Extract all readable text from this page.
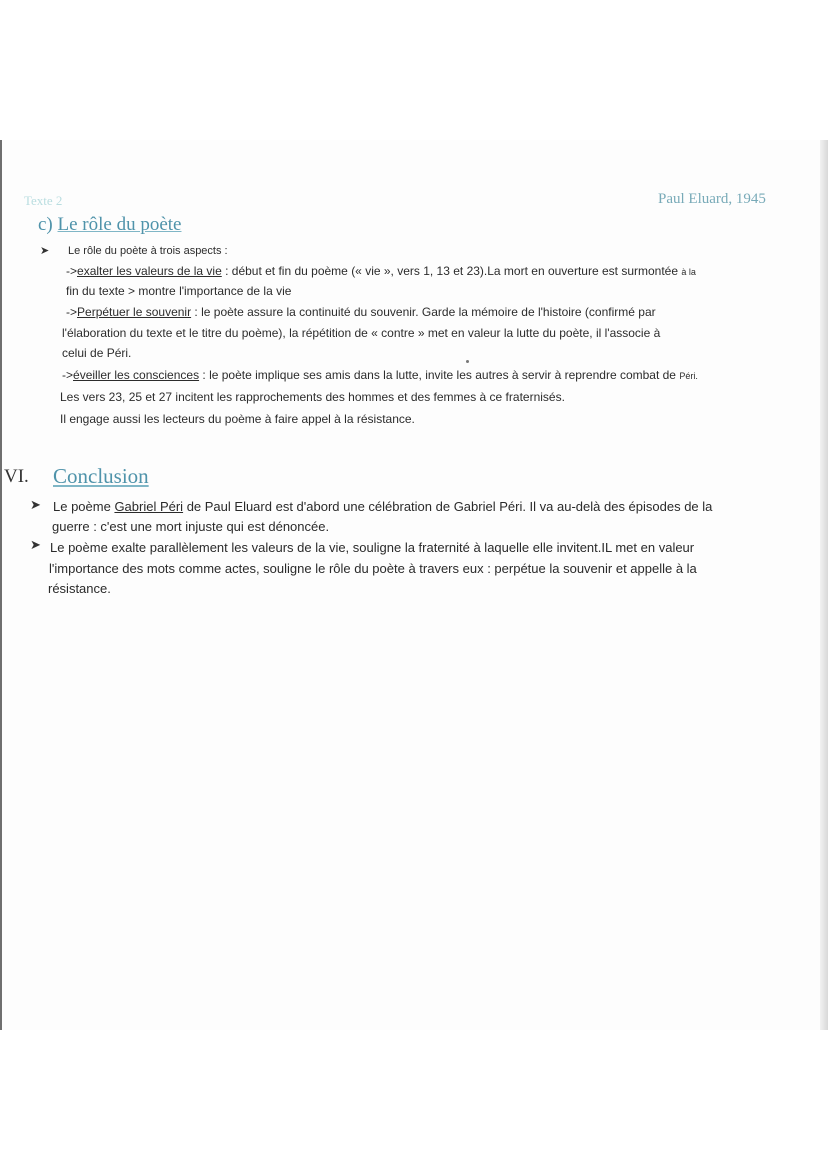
Texte 2	Paul Eluard, 1945
c) Le rôle du poète
➤ Le rôle du poète à trois aspects :
->exalter les valeurs de la vie : début et fin du poème (« vie », vers 1, 13 et 23).La mort en ouverture est surmontée à la
fin du texte > montre l'importance de la vie
->Perpétuer le souvenir : le poète assure la continuité du souvenir. Garde la mémoire de l'histoire (confirmé par
l'élaboration du texte et le titre du poème), la répétition de « contre » met en valeur la lutte du poète, il l'associe à
celui de Péri.
->éveiller les consciences : le poète implique ses amis dans la lutte, invite les autres à servir à reprendre combat de Péri.
Les vers 23, 25 et 27 incitent les rapprochements des hommes et des femmes à ce fraternisés.
Il engage aussi les lecteurs du poème à faire appel à la résistance.
VI. Conclusion
➤ Le poème Gabriel Péri de Paul Eluard est d'abord une célébration de Gabriel Péri. Il va au-delà des épisodes de la
guerre : c'est une mort injuste qui est dénoncée.
➤ Le poème exalte parallèlement les valeurs de la vie, souligne la fraternité à laquelle elle invitent.IL met en valeur
l'importance des mots comme actes, souligne le rôle du poète à travers eux : perpétue la souvenir et appelle à la
résistance.
